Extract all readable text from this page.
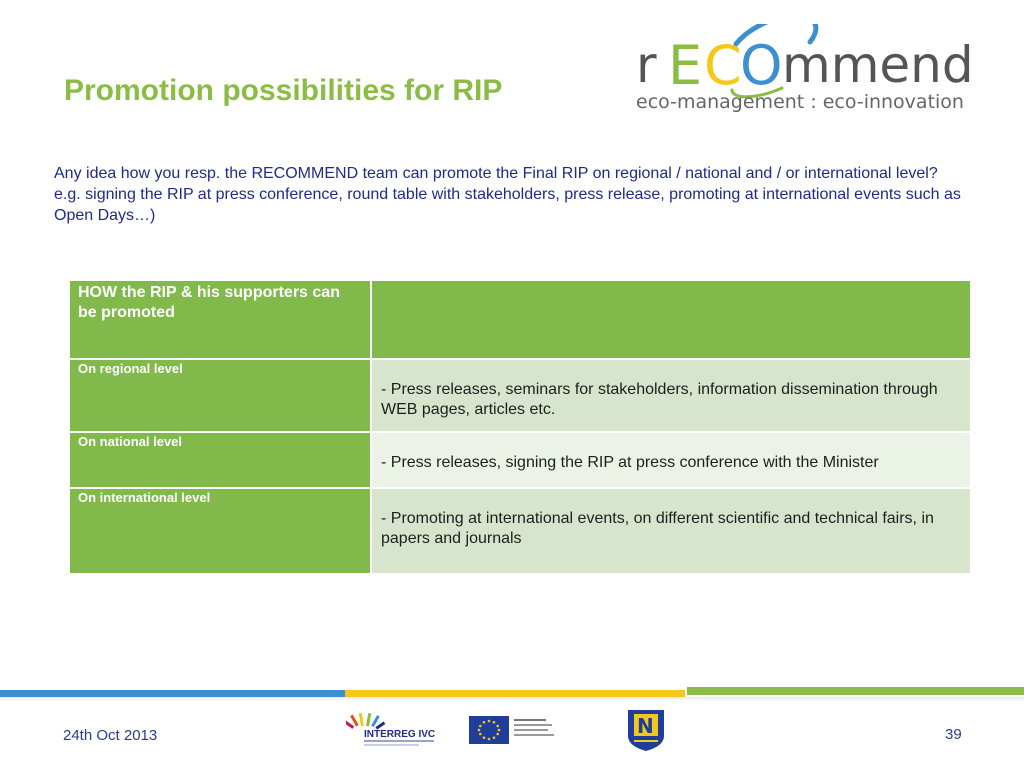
Promotion possibilities for RIP	r E C
O mmend
eco-management : eco-innovation

Any idea how you resp. the RECOMMEND team can promote the Final RIP on regional / national and / or international level?

e.g. signing the RIP at press conference, round table with stakeholders, press release, promoting at international events such as Open Days…)

HOW the RIP & his supporters can be promoted	

On regional level	- Press releases, seminars for stakeholders, information dissemination through WEB pages, articles etc.

On national level	- Press releases, signing the RIP at press conference with the Minister

On international level	- Promoting at international events, on different scientific and technical fairs, in papers and journals
24th Oct 2013	INTERREG IVC	N	39
